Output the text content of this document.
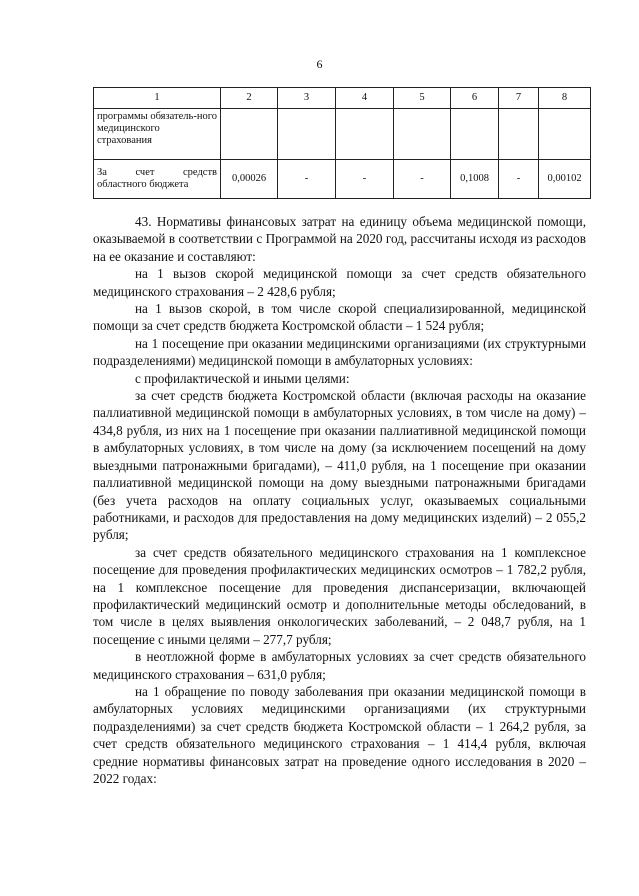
6
1	2	3	4	5	6	7	8
программы обязатель-ного медицинского страхования							
За счет средств областного бюджета	0,00026	-	-	-	0,1008	-	0,00102

43. Нормативы финансовых затрат на единицу объема медицинской помощи, оказываемой в соответствии с Программой на 2020 год, рассчитаны исходя из расходов на ее оказание и составляют:

на 1 вызов скорой медицинской помощи за счет средств обязательного медицинского страхования – 2 428,6 рубля;

на 1 вызов скорой, в том числе скорой специализированной, медицинской помощи за счет средств бюджета Костромской области – 1 524 рубля;

на 1 посещение при оказании медицинскими организациями (их структурными подразделениями) медицинской помощи в амбулаторных условиях:

с профилактической и иными целями:

за счет средств бюджета Костромской области (включая расходы на оказание паллиативной медицинской помощи в амбулаторных условиях, в том числе на дому) – 434,8 рубля, из них на 1 посещение при оказании паллиативной медицинской помощи в амбулаторных условиях, в том числе на дому (за исключением посещений на дому выездными патронажными бригадами), – 411,0 рубля, на 1 посещение при оказании паллиативной медицинской помощи на дому выездными патронажными бригадами (без учета расходов на оплату социальных услуг, оказываемых социальными работниками, и расходов для предоставления на дому медицинских изделий) – 2 055,2 рубля;

за счет средств обязательного медицинского страхования на 1 комплексное посещение для проведения профилактических медицинских осмотров – 1 782,2 рубля, на 1 комплексное посещение для проведения диспансеризации, включающей профилактический медицинский осмотр и дополнительные методы обследований, в том числе в целях выявления онкологических заболеваний, – 2 048,7 рубля, на 1 посещение с иными целями – 277,7 рубля;

в неотложной форме в амбулаторных условиях за счет средств обязательного медицинского страхования – 631,0 рубля;

на 1 обращение по поводу заболевания при оказании медицинской помощи в амбулаторных условиях медицинскими организациями (их структурными подразделениями) за счет средств бюджета Костромской области – 1 264,2 рубля, за счет средств обязательного медицинского страхования – 1 414,4 рубля, включая средние нормативы финансовых затрат на проведение одного исследования в 2020 – 2022 годах:
